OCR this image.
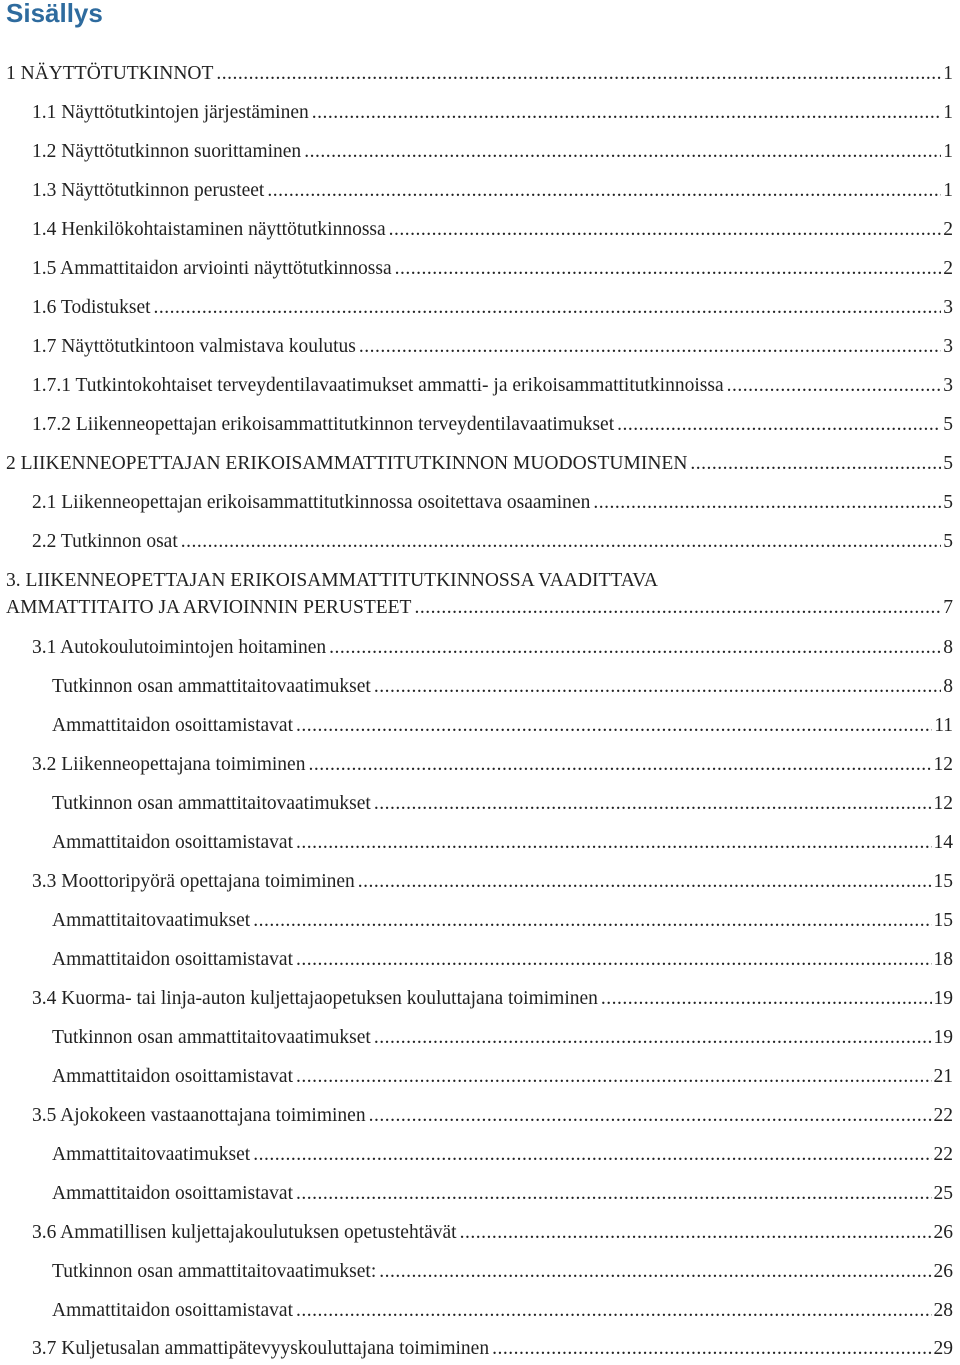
Sisällys
1 NÄYTTÖTUTKINNOT .....	1
1.1 Näyttötutkintojen järjestäminen .....	1
1.2 Näyttötutkinnon suorittaminen .....	1
1.3 Näyttötutkinnon perusteet .....	1
1.4 Henkilökohtaistaminen näyttötutkinnossa .....	2
1.5 Ammattitaidon arviointi näyttötutkinnossa .....	2
1.6 Todistukset .....	3
1.7 Näyttötutkintoon valmistava koulutus .....	3
1.7.1 Tutkintokohtaiset terveydentilavaatimukset ammatti- ja erikoisammattitutkinnoissa .....	3
1.7.2 Liikenneopettajan erikoisammattitutkinnon terveydentilavaatimukset .....	5
2 LIIKENNEOPETTAJAN ERIKOISAMMATTITUTKINNON MUODOSTUMINEN .....	5
2.1 Liikenneopettajan erikoisammattitutkinnossa osoitettava osaaminen .....	5
2.2 Tutkinnon osat .....	5
3. LIIKENNEOPETTAJAN ERIKOISAMMATTITUTKINNOSSA VAADITTAVA
AMMATTITAITO JA ARVIOINNIN PERUSTEET .....	7
3.1 Autokoulutoimintojen hoitaminen .....	8
Tutkinnon osan ammattitaitovaatimukset .....	8
Ammattitaidon osoittamistavat .....	11
3.2 Liikenneopettajana toimiminen .....	12
Tutkinnon osan ammattitaitovaatimukset .....	12
Ammattitaidon osoittamistavat .....	14
3.3 Moottoripyörä opettajana toimiminen .....	15
Ammattitaitovaatimukset .....	15
Ammattitaidon osoittamistavat .....	18
3.4 Kuorma- tai linja-auton kuljettajaopetuksen kouluttajana toimiminen .....	19
Tutkinnon osan ammattitaitovaatimukset .....	19
Ammattitaidon osoittamistavat .....	21
3.5 Ajokokeen vastaanottajana toimiminen .....	22
Ammattitaitovaatimukset .....	22
Ammattitaidon osoittamistavat .....	25
3.6 Ammatillisen kuljettajakoulutuksen opetustehtävät .....	26
Tutkinnon osan ammattitaitovaatimukset: .....	26
Ammattitaidon osoittamistavat .....	28
3.7 Kuljetusalan ammattipätevyyskouluttajana toimiminen .....	29
